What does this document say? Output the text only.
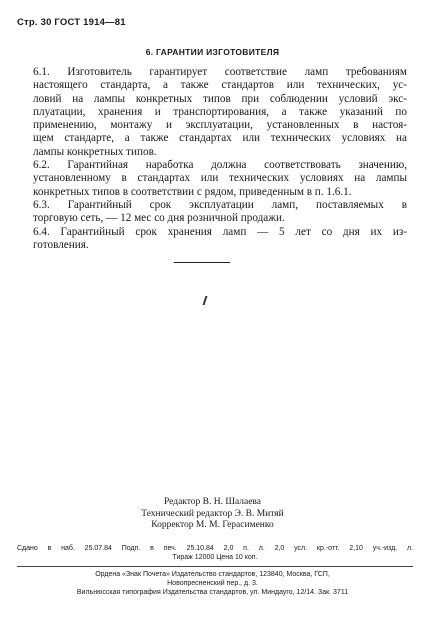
Стр. 30 ГОСТ 1914—81
6. ГАРАНТИИ ИЗГОТОВИТЕЛЯ
6.1. Изготовитель гарантирует соответствие ламп требованиям
настоящего стандарта, а также стандартов или технических, ус-
ловий на лампы конкретных типов при соблюдении условий экс-
плуатации, хранения и транспортирования, а также указаний по
применению, монтажу и эксплуатации, установленных в настоя-
щем стандарте, а также стандартах или технических условиях на
лампы конкретных типов.
6.2. Гарантийная наработка должна соответствовать значению,
установленному в стандартах или технических условиях на лампы
конкретных типов в соответствии с рядом, приведенным в п. 1.6.1.
6.3. Гарантийный срок эксплуатации ламп, поставляемых в
торговую сеть, — 12 мес со дня розничной продажи.
6.4. Гарантийный срок хранения ламп — 5 лет со дня их из-
готовления.
Редактор В. Н. Шалаева
Технический редактор Э. В. Митяй
Корректор М. М. Герасименко
Сдано в наб. 25.07.84 Подп. в печ. 25.10.84 2,0 п. л. 2,0 усл. кр.-отт. 2,10 уч.-изд. л.
Тираж 12000 Цена 10 коп.
Ордена «Знак Почета» Издательство стандартов, 123840, Москва, ГСП,
Новопресненский пер., д. 3.
Вильнюсская типография Издательства стандартов, ул. Миндауго, 12/14. Зак. 3711
